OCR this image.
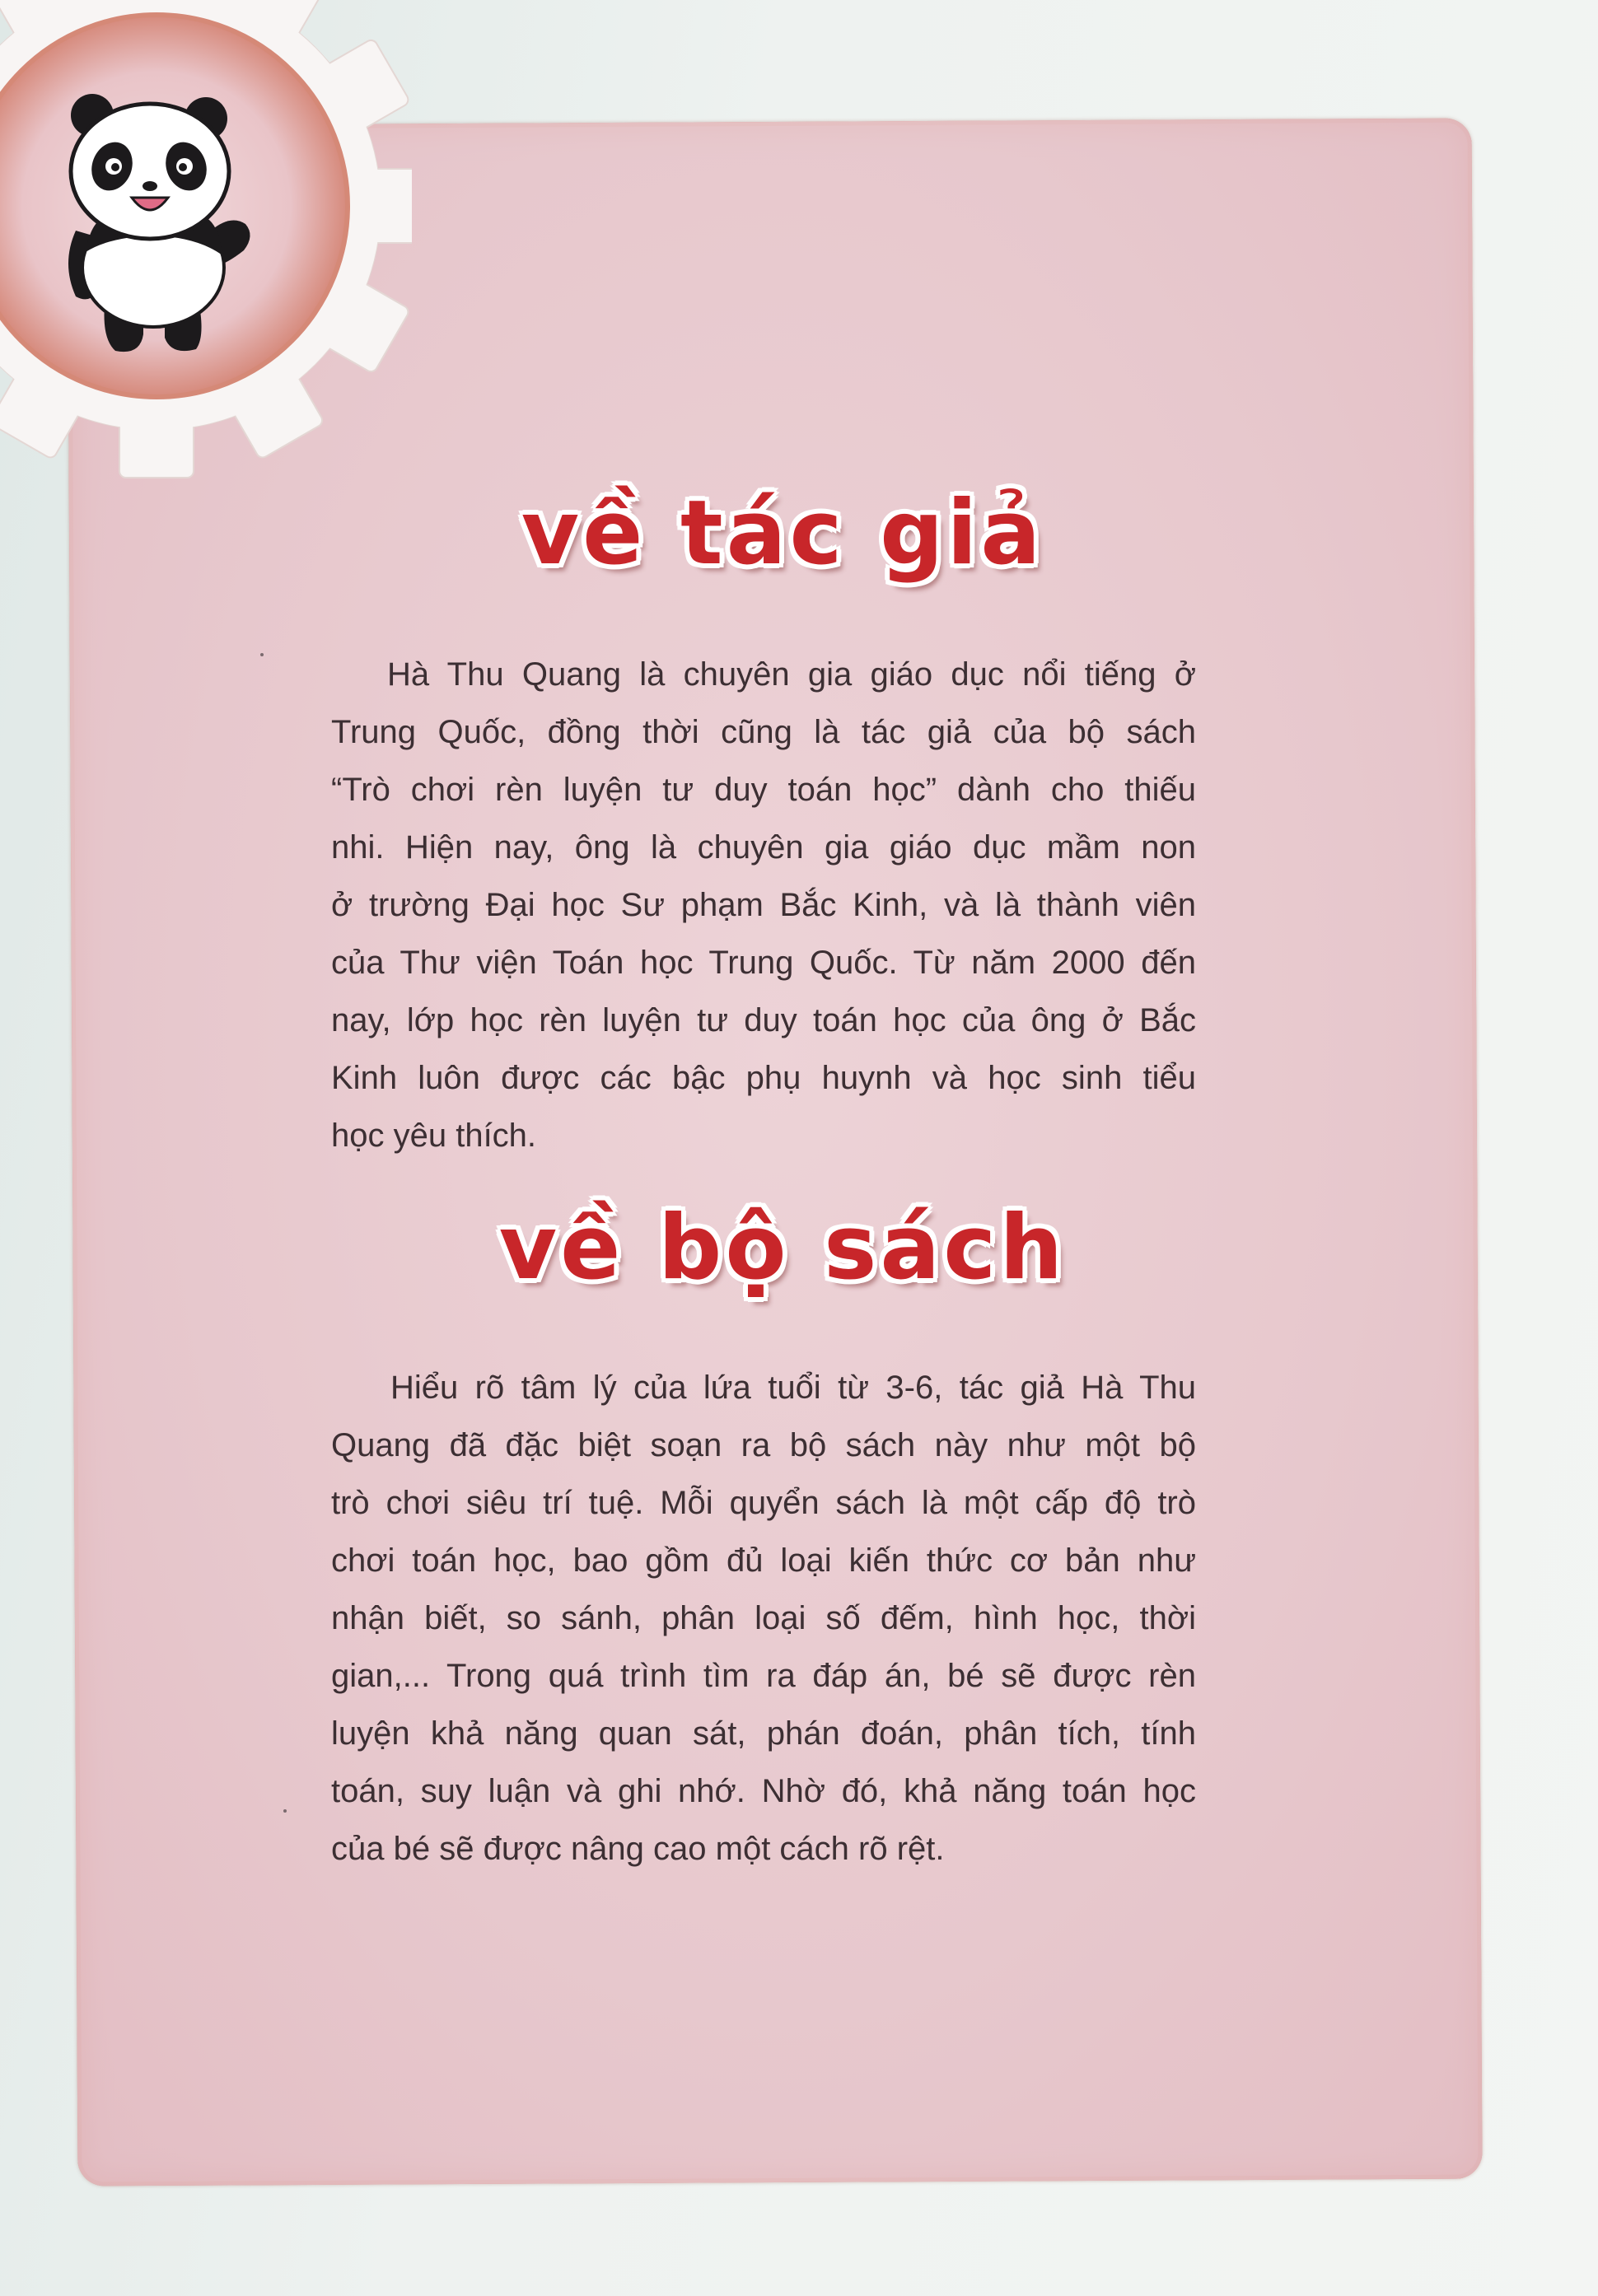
về tác giả
Hà Thu Quang là chuyên gia giáo dục nổi tiếng ở
Trung Quốc, đồng thời cũng là tác giả của bộ sách
“Trò chơi rèn luyện tư duy toán học” dành cho thiếu
nhi. Hiện nay, ông là chuyên gia giáo dục mầm non
ở trường Đại học Sư phạm Bắc Kinh, và là thành viên
của Thư viện Toán học Trung Quốc. Từ năm 2000 đến
nay, lớp học rèn luyện tư duy toán học của ông ở Bắc
Kinh luôn được các bậc phụ huynh và học sinh tiểu
học yêu thích.
về bộ sách
Hiểu rõ tâm lý của lứa tuổi từ 3-6, tác giả Hà Thu
Quang đã đặc biệt soạn ra bộ sách này như một bộ
trò chơi siêu trí tuệ. Mỗi quyển sách là một cấp độ trò
chơi toán học, bao gồm đủ loại kiến thức cơ bản như
nhận biết, so sánh, phân loại số đếm, hình học, thời
gian,... Trong quá trình tìm ra đáp án, bé sẽ được rèn
luyện khả năng quan sát, phán đoán, phân tích, tính
toán, suy luận và ghi nhớ. Nhờ đó, khả năng toán học
của bé sẽ được nâng cao một cách rõ rệt.
